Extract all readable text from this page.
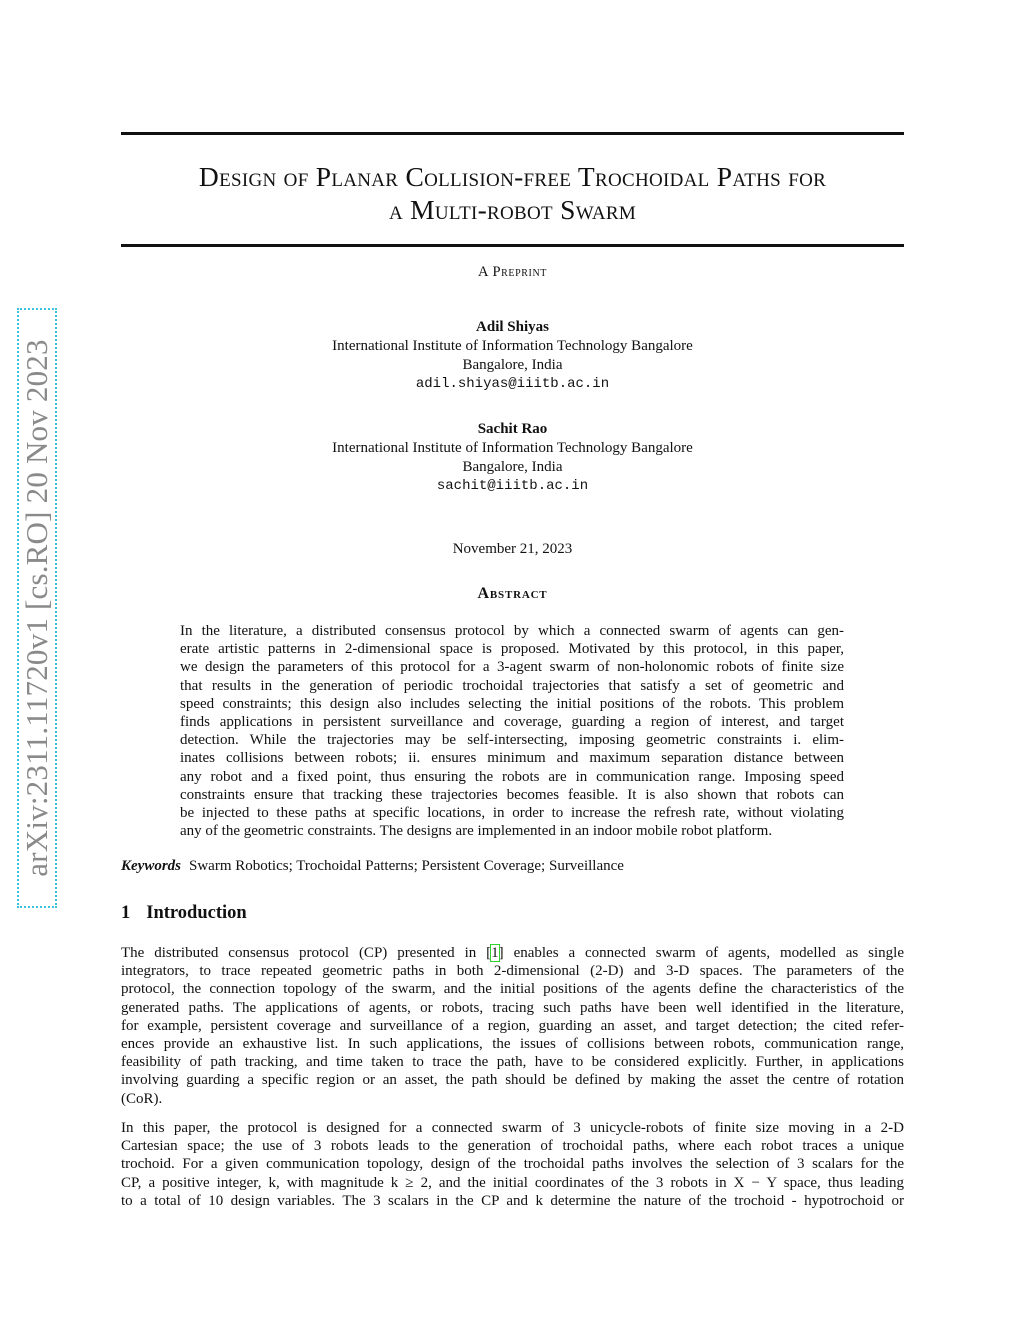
arXiv:2311.11720v1 [cs.RO] 20 Nov 2023
Design of Planar Collision-free Trochoidal Paths for
a Multi-robot Swarm
A Preprint
Adil Shiyas
International Institute of Information Technology Bangalore
Bangalore, India
adil.shiyas@iiitb.ac.in
Sachit Rao
International Institute of Information Technology Bangalore
Bangalore, India
sachit@iiitb.ac.in
November 21, 2023
Abstract
In the literature, a distributed consensus protocol by which a connected swarm of agents can gen-
erate artistic patterns in 2-dimensional space is proposed. Motivated by this protocol, in this paper,
we design the parameters of this protocol for a 3-agent swarm of non-holonomic robots of finite size
that results in the generation of periodic trochoidal trajectories that satisfy a set of geometric and
speed constraints; this design also includes selecting the initial positions of the robots. This problem
finds applications in persistent surveillance and coverage, guarding a region of interest, and target
detection. While the trajectories may be self-intersecting, imposing geometric constraints i. elim-
inates collisions between robots; ii. ensures minimum and maximum separation distance between
any robot and a fixed point, thus ensuring the robots are in communication range. Imposing speed
constraints ensure that tracking these trajectories becomes feasible. It is also shown that robots can
be injected to these paths at specific locations, in order to increase the refresh rate, without violating
any of the geometric constraints. The designs are implemented in an indoor mobile robot platform.
Keywords Swarm Robotics; Trochoidal Patterns; Persistent Coverage; Surveillance
1 Introduction
The distributed consensus protocol (CP) presented in [1] enables a connected swarm of agents, modelled as single
integrators, to trace repeated geometric paths in both 2-dimensional (2-D) and 3-D spaces. The parameters of the
protocol, the connection topology of the swarm, and the initial positions of the agents define the characteristics of the
generated paths. The applications of agents, or robots, tracing such paths have been well identified in the literature,
for example, persistent coverage and surveillance of a region, guarding an asset, and target detection; the cited refer-
ences provide an exhaustive list. In such applications, the issues of collisions between robots, communication range,
feasibility of path tracking, and time taken to trace the path, have to be considered explicitly. Further, in applications
involving guarding a specific region or an asset, the path should be defined by making the asset the centre of rotation
(CoR).
In this paper, the protocol is designed for a connected swarm of 3 unicycle-robots of finite size moving in a 2-D
Cartesian space; the use of 3 robots leads to the generation of trochoidal paths, where each robot traces a unique
trochoid. For a given communication topology, design of the trochoidal paths involves the selection of 3 scalars for the
CP, a positive integer, k, with magnitude k ≥ 2, and the initial coordinates of the 3 robots in X − Y space, thus leading
to a total of 10 design variables. The 3 scalars in the CP and k determine the nature of the trochoid - hypotrochoid or
